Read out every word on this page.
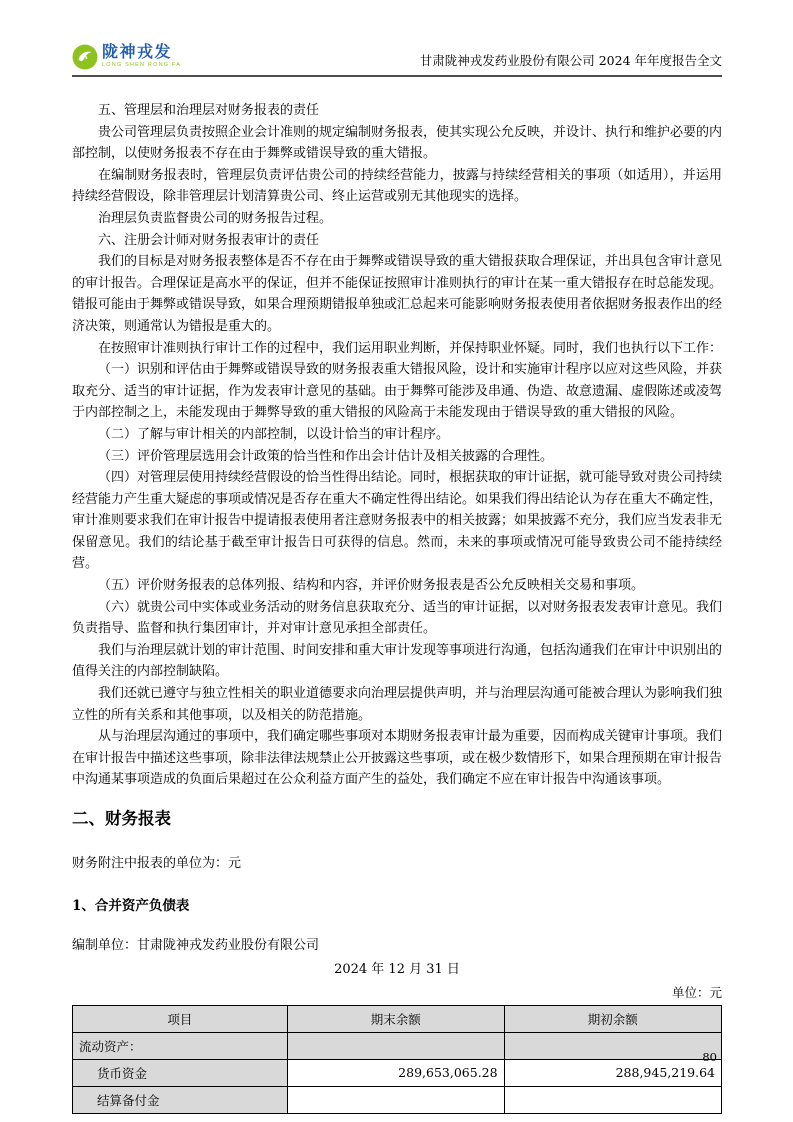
陇神戎发
LONG SHEN RONG FA	甘肃陇神戎发药业股份有限公司 2024 年年度报告全文

五、管理层和治理层对财务报表的责任

贵公司管理层负责按照企业会计准则的规定编制财务报表，使其实现公允反映，并设计、执行和维护必要的内部控制，以使财务报表不存在由于舞弊或错误导致的重大错报。

在编制财务报表时，管理层负责评估贵公司的持续经营能力，披露与持续经营相关的事项（如适用），并运用持续经营假设，除非管理层计划清算贵公司、终止运营或别无其他现实的选择。

治理层负责监督贵公司的财务报告过程。

六、注册会计师对财务报表审计的责任

我们的目标是对财务报表整体是否不存在由于舞弊或错误导致的重大错报获取合理保证，并出具包含审计意见的审计报告。合理保证是高水平的保证，但并不能保证按照审计准则执行的审计在某一重大错报存在时总能发现。错报可能由于舞弊或错误导致，如果合理预期错报单独或汇总起来可能影响财务报表使用者依据财务报表作出的经济决策，则通常认为错报是重大的。

在按照审计准则执行审计工作的过程中，我们运用职业判断，并保持职业怀疑。同时，我们也执行以下工作：

（一）识别和评估由于舞弊或错误导致的财务报表重大错报风险，设计和实施审计程序以应对这些风险，并获取充分、适当的审计证据，作为发表审计意见的基础。由于舞弊可能涉及串通、伪造、故意遗漏、虚假陈述或凌驾于内部控制之上，未能发现由于舞弊导致的重大错报的风险高于未能发现由于错误导致的重大错报的风险。

（二）了解与审计相关的内部控制，以设计恰当的审计程序。

（三）评价管理层选用会计政策的恰当性和作出会计估计及相关披露的合理性。

（四）对管理层使用持续经营假设的恰当性得出结论。同时，根据获取的审计证据，就可能导致对贵公司持续经营能力产生重大疑虑的事项或情况是否存在重大不确定性得出结论。如果我们得出结论认为存在重大不确定性，审计准则要求我们在审计报告中提请报表使用者注意财务报表中的相关披露；如果披露不充分，我们应当发表非无保留意见。我们的结论基于截至审计报告日可获得的信息。然而，未来的事项或情况可能导致贵公司不能持续经营。

（五）评价财务报表的总体列报、结构和内容，并评价财务报表是否公允反映相关交易和事项。

（六）就贵公司中实体或业务活动的财务信息获取充分、适当的审计证据，以对财务报表发表审计意见。我们负责指导、监督和执行集团审计，并对审计意见承担全部责任。

我们与治理层就计划的审计范围、时间安排和重大审计发现等事项进行沟通，包括沟通我们在审计中识别出的值得关注的内部控制缺陷。

我们还就已遵守与独立性相关的职业道德要求向治理层提供声明，并与治理层沟通可能被合理认为影响我们独立性的所有关系和其他事项，以及相关的防范措施。

从与治理层沟通过的事项中，我们确定哪些事项对本期财务报表审计最为重要，因而构成关键审计事项。我们在审计报告中描述这些事项，除非法律法规禁止公开披露这些事项，或在极少数情形下，如果合理预期在审计报告中沟通某事项造成的负面后果超过在公众利益方面产生的益处，我们确定不应在审计报告中沟通该事项。

二、财务报表

财务附注中报表的单位为：元

1、合并资产负债表

编制单位：甘肃陇神戎发药业股份有限公司

2024 年 12 月 31 日

单位：元

项目	期末余额	期初余额
流动资产：		
货币资金	289,653,065.28	288,945,219.64
结算备付金		
80
